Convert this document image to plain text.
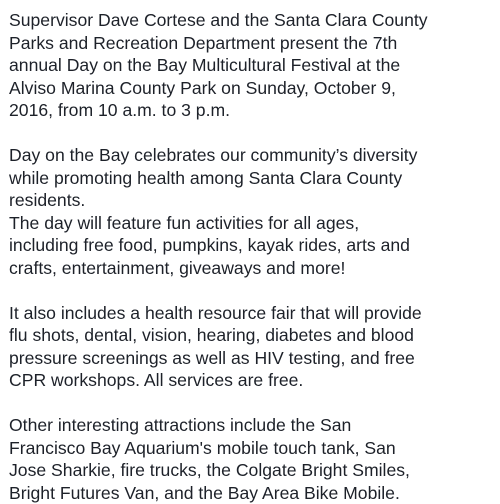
Supervisor Dave Cortese and the Santa Clara County
Parks and Recreation Department present the 7th
annual Day on the Bay Multicultural Festival at the
Alviso Marina County Park on Sunday, October 9,
2016, from 10 a.m. to 3 p.m.

Day on the Bay celebrates our community’s diversity
while promoting health among Santa Clara County
residents.
The day will feature fun activities for all ages,
including free food, pumpkins, kayak rides, arts and
crafts, entertainment, giveaways and more!

It also includes a health resource fair that will provide
flu shots, dental, vision, hearing, diabetes and blood
pressure screenings as well as HIV testing, and free
CPR workshops. All services are free.

Other interesting attractions include the San
Francisco Bay Aquarium's mobile touch tank, San
Jose Sharkie, fire trucks, the Colgate Bright Smiles,
Bright Futures Van, and the Bay Area Bike Mobile.
